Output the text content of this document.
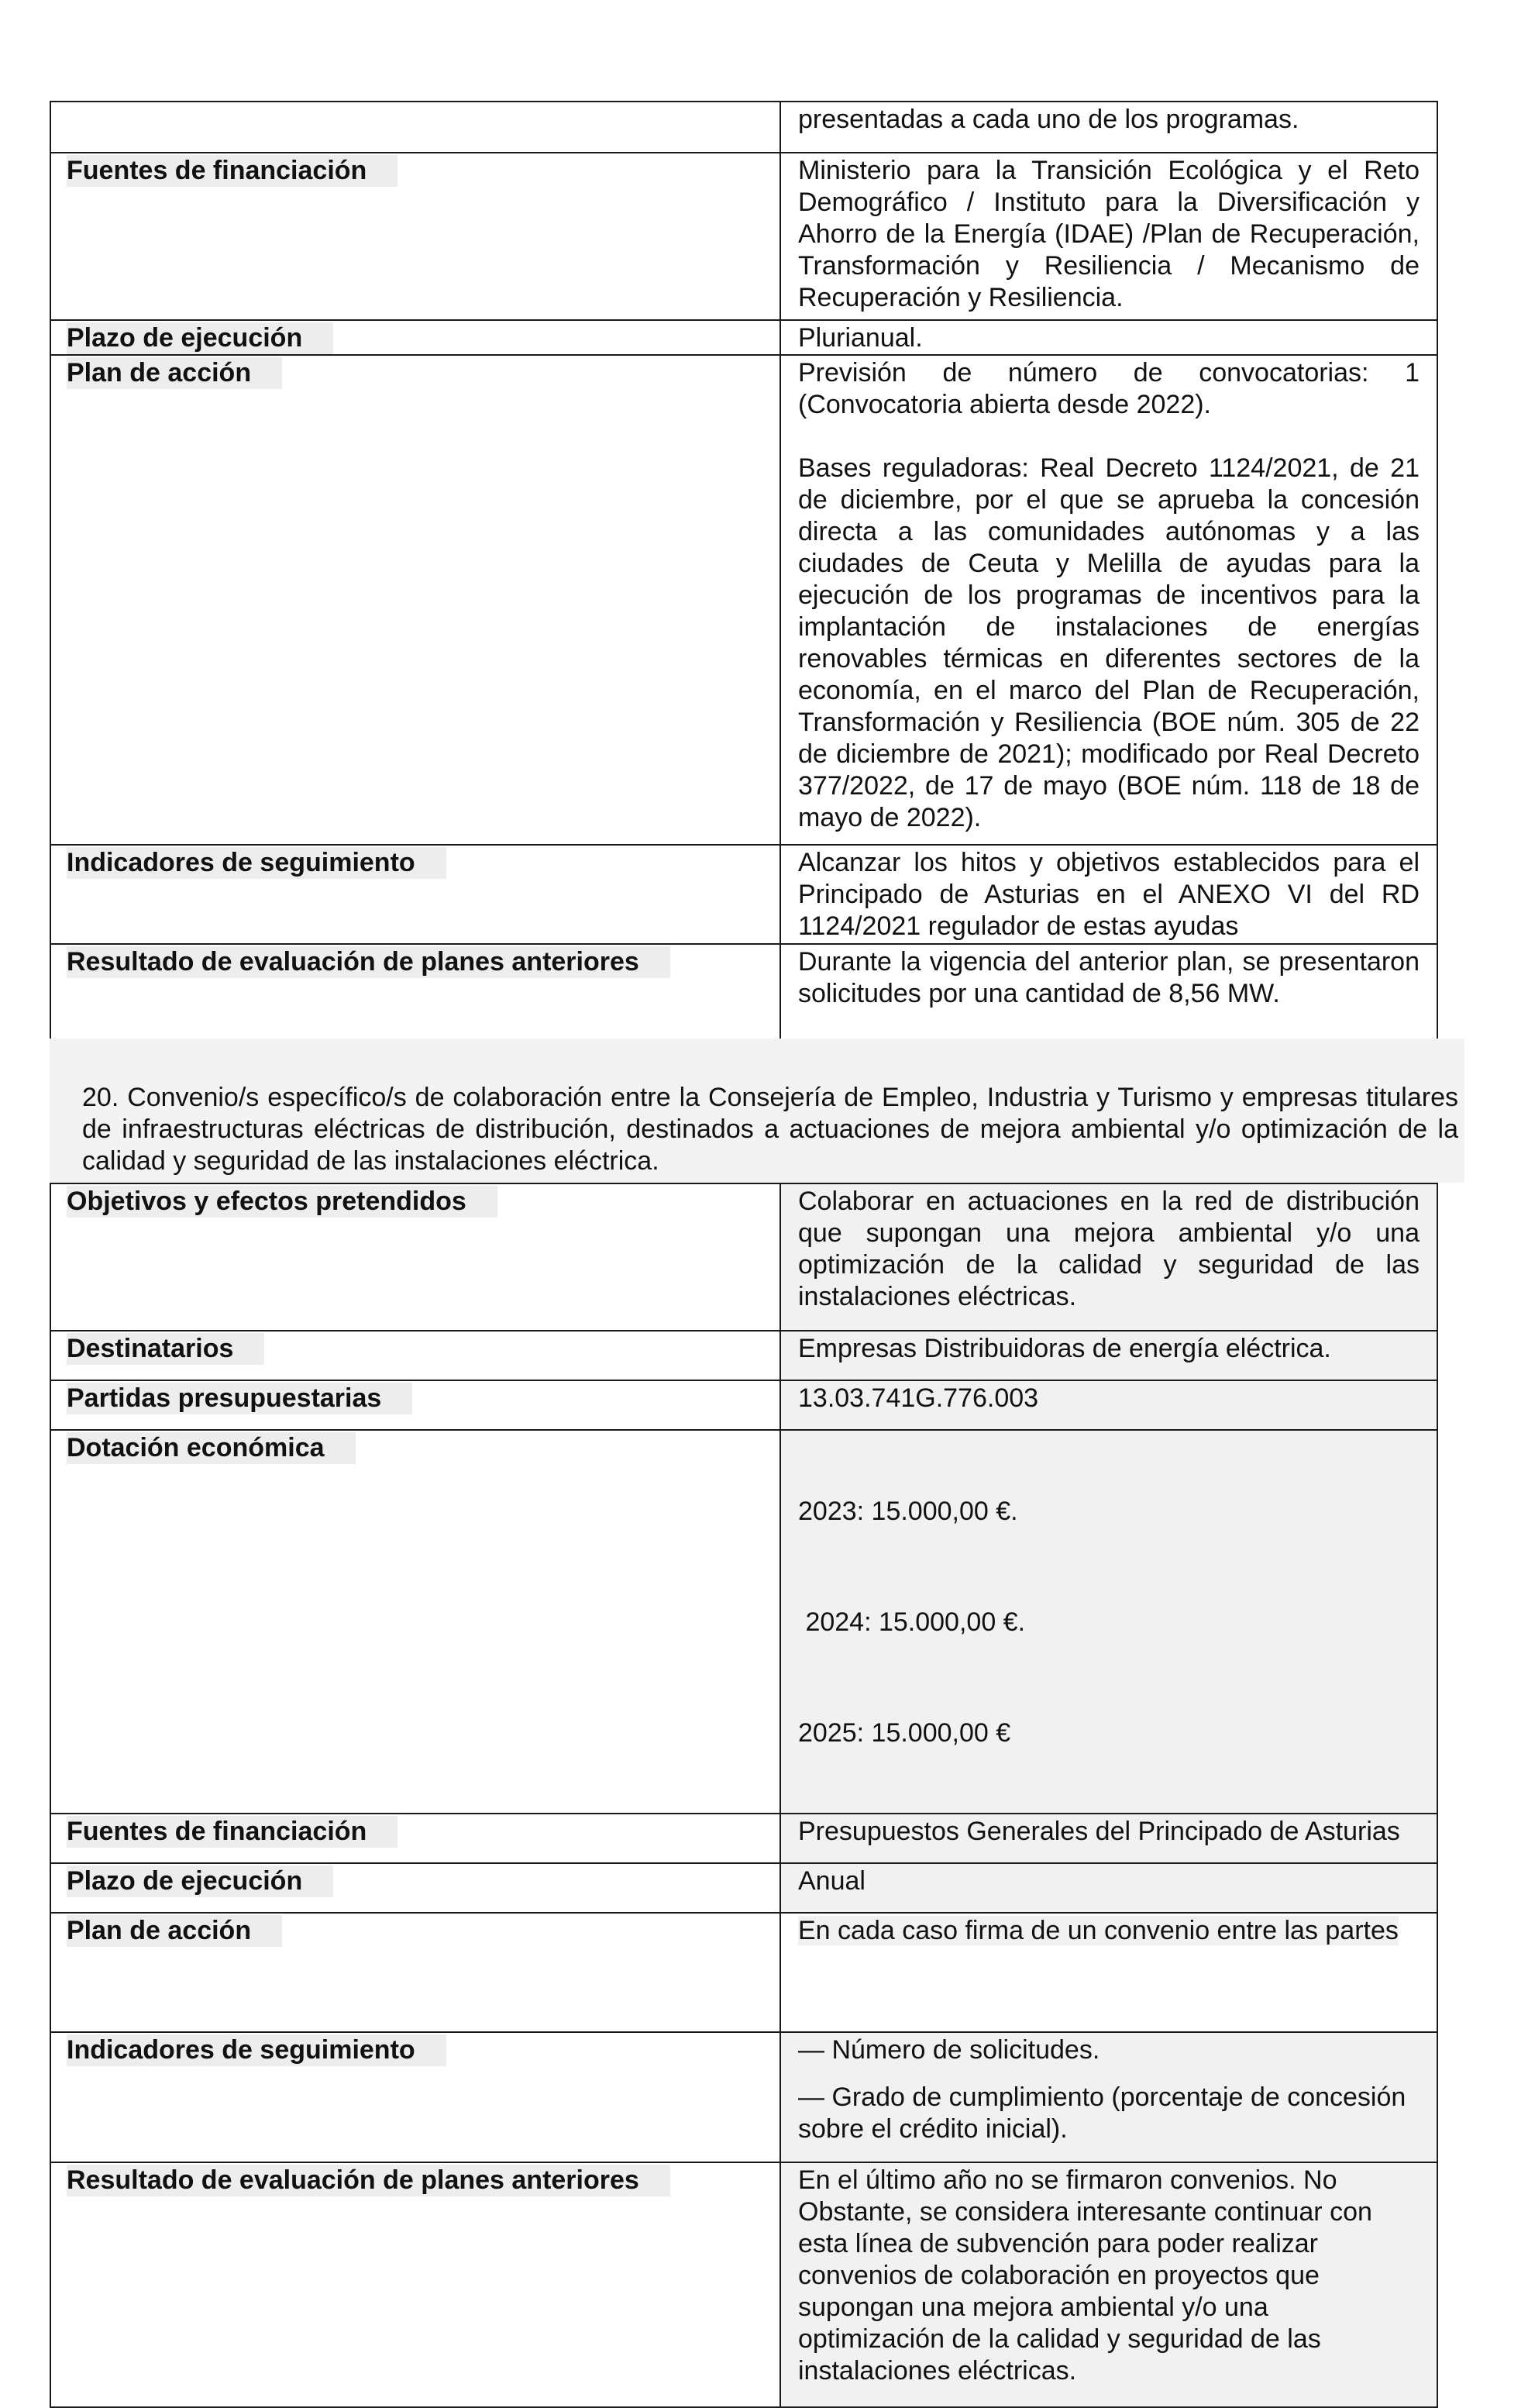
	presentadas a cada uno de los programas.
Fuentes de financiación	Ministerio para la Transición Ecológica y el Reto Demográfico / Instituto para la Diversificación y Ahorro de la Energía (IDAE) /Plan de Recuperación, Transformación y Resiliencia / Mecanismo de Recuperación y Resiliencia.
Plazo de ejecución	Plurianual.
Plan de acción	Previsión de número de convocatorias: 1 (Convocatoria abierta desde 2022).

Bases reguladoras: Real Decreto 1124/2021, de 21 de diciembre, por el que se aprueba la concesión directa a las comunidades autónomas y a las ciudades de Ceuta y Melilla de ayudas para la ejecución de los programas de incentivos para la implantación de instalaciones de energías renovables térmicas en diferentes sectores de la economía, en el marco del Plan de Recuperación, Transformación y Resiliencia (BOE núm. 305 de 22 de diciembre de 2021); modificado por Real Decreto 377/2022, de 17 de mayo (BOE núm. 118 de 18 de mayo de 2022).

Indicadores de seguimiento	Alcanzar los hitos y objetivos establecidos para el Principado de Asturias en el ANEXO VI del RD 1124/2021 regulador de estas ayudas
Resultado de evaluación de planes anteriores	Durante la vigencia del anterior plan, se presentaron solicitudes por una cantidad de 8,56 MW.
20. Convenio/s específico/s de colaboración entre la Consejería de Empleo, Industria y Turismo y empresas titulares de infraestructuras eléctricas de distribución, destinados a actuaciones de mejora ambiental y/o optimización de la calidad y seguridad de las instalaciones eléctrica.
Objetivos y efectos pretendidos	Colaborar en actuaciones en la red de distribución que supongan una mejora ambiental y/o una optimización de la calidad y seguridad de las instalaciones eléctricas.
Destinatarios	Empresas Distribuidoras de energía eléctrica.
Partidas presupuestarias	13.03.741G.776.003
Dotación económica	2023: 15.000,00 €.

2024: 15.000,00 €.

2025: 15.000,00 €

Fuentes de financiación	Presupuestos Generales del Principado de Asturias
Plazo de ejecución	Anual
Plan de acción	En cada caso firma de un convenio entre las partes
Indicadores de seguimiento	— Número de solicitudes.
— Grado de cumplimiento (porcentaje de concesión sobre el crédito inicial).

Resultado de evaluación de planes anteriores	En el último año no se firmaron convenios. No Obstante, se considera interesante continuar con esta línea de subvención para poder realizar convenios de colaboración en proyectos que supongan una mejora ambiental y/o una optimización de la calidad y seguridad de las instalaciones eléctricas.
